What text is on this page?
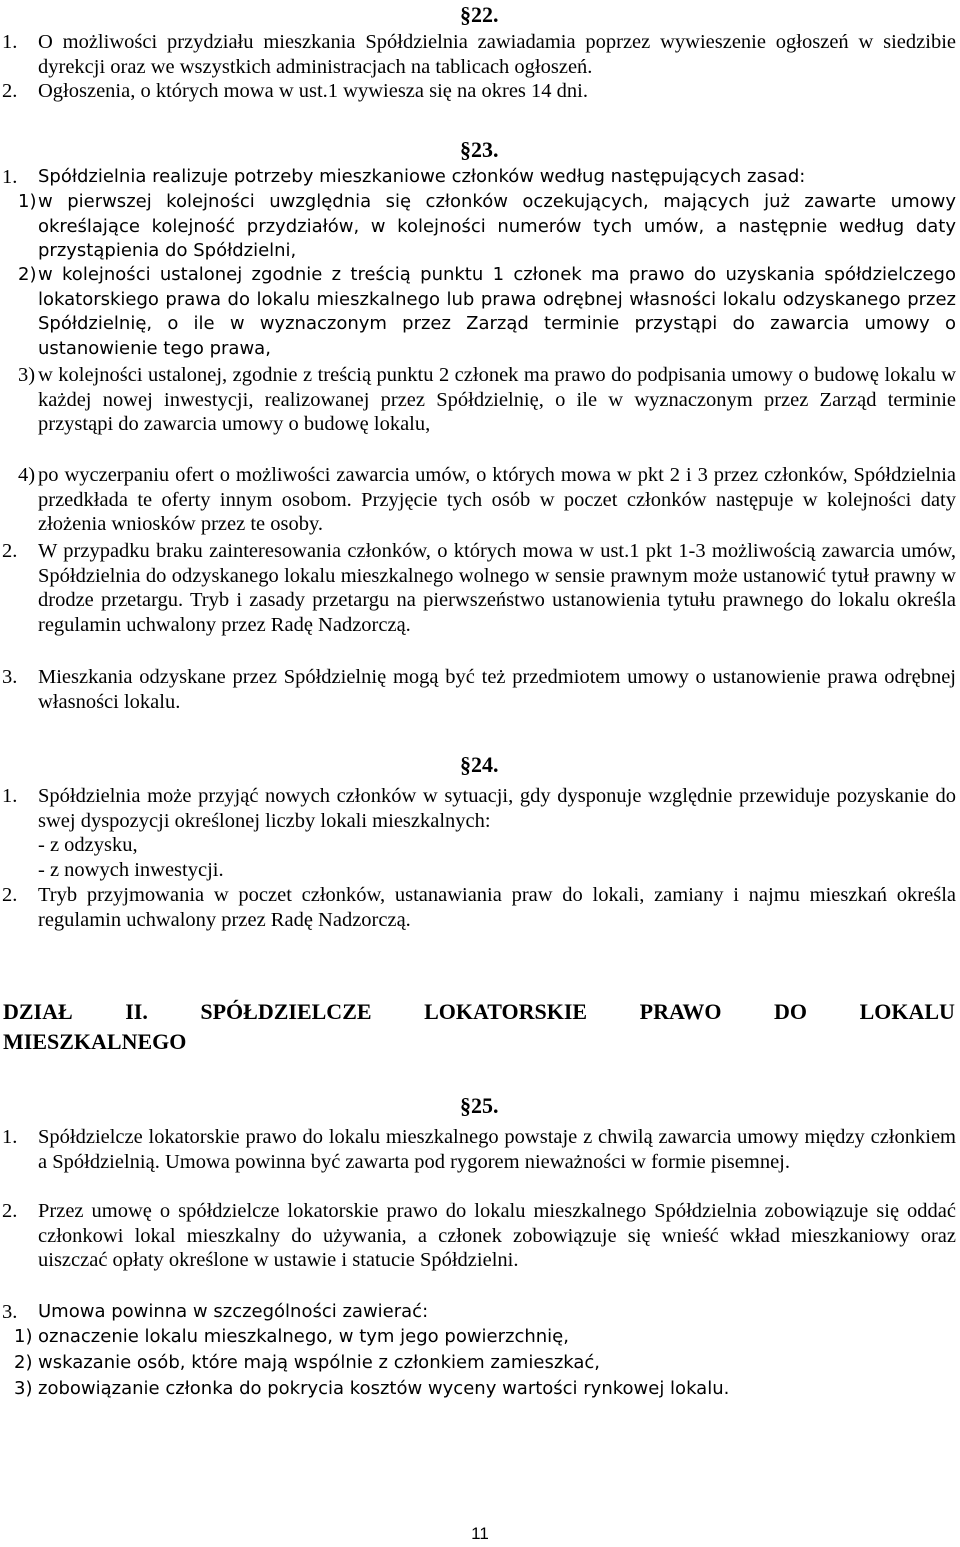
§22.
1.	O możliwości przydziału mieszkania Spółdzielnia zawiadamia poprzez wywieszenie ogłoszeń w siedzibie dyrekcji oraz we wszystkich administracjach na tablicach ogłoszeń.
2.	Ogłoszenia, o których mowa w ust.1 wywiesza się na okres 14 dni.
§23.
1.	Spółdzielnia realizuje potrzeby mieszkaniowe członków według następujących zasad:
1) w pierwszej kolejności uwzględnia się członków oczekujących, mających już zawarte umowy określające kolejność przydziałów, w kolejności numerów tych umów, a następnie według daty przystąpienia do Spółdzielni,
2) w kolejności ustalonej zgodnie z treścią punktu 1 członek ma prawo do uzyskania spółdzielczego lokatorskiego prawa do lokalu mieszkalnego lub prawa odrębnej własności lokalu odzyskanego przez Spółdzielnię, o ile w wyznaczonym przez Zarząd terminie przystąpi do zawarcia umowy o ustanowienie tego prawa,
3) w kolejności ustalonej, zgodnie z treścią punktu 2 członek ma prawo do podpisania umowy o budowę lokalu w każdej nowej inwestycji, realizowanej przez Spółdzielnię, o ile w wyznaczonym przez Zarząd terminie przystąpi do zawarcia umowy o budowę lokalu,
4) po wyczerpaniu ofert o możliwości zawarcia umów, o których mowa w pkt 2 i 3 przez członków, Spółdzielnia przedkłada te oferty innym osobom. Przyjęcie tych osób w poczet członków następuje w kolejności daty złożenia wniosków przez te osoby.
2.	W przypadku braku zainteresowania członków, o których mowa w ust.1 pkt 1-3 możliwością zawarcia umów, Spółdzielnia do odzyskanego lokalu mieszkalnego wolnego w sensie prawnym może ustanowić tytuł prawny w drodze przetargu. Tryb i zasady przetargu na pierwszeństwo ustanowienia tytułu prawnego do lokalu określa regulamin uchwalony przez Radę Nadzorczą.
3.	Mieszkania odzyskane przez Spółdzielnię mogą być też przedmiotem umowy o ustanowienie prawa odrębnej własności lokalu.
§24.
1.	Spółdzielnia może przyjąć nowych członków w sytuacji, gdy dysponuje względnie przewiduje pozyskanie do swej dyspozycji określonej liczby lokali mieszkalnych:
- z odzysku,
- z nowych inwestycji.
2.	Tryb przyjmowania w poczet członków, ustanawiania praw do lokali, zamiany i najmu mieszkań określa regulamin uchwalony przez Radę Nadzorczą.
DZIAŁ II. SPÓŁDZIELCZE LOKATORSKIE PRAWO DO LOKALU
MIESZKALNEGO
§25.
1.	Spółdzielcze lokatorskie prawo do lokalu mieszkalnego powstaje z chwilą zawarcia umowy między członkiem a Spółdzielnią. Umowa powinna być zawarta pod rygorem nieważności w formie pisemnej.
2.	Przez umowę o spółdzielcze lokatorskie prawo do lokalu mieszkalnego Spółdzielnia zobowiązuje się oddać członkowi lokal mieszkalny do używania, a członek zobowiązuje się wnieść wkład mieszkaniowy oraz uiszczać opłaty określone w ustawie i statucie Spółdzielni.
3.	Umowa powinna w szczególności zawierać:
1) oznaczenie lokalu mieszkalnego, w tym jego powierzchnię,
2) wskazanie osób, które mają wspólnie z członkiem zamieszkać,
3) zobowiązanie członka do pokrycia kosztów wyceny wartości rynkowej lokalu.
11
